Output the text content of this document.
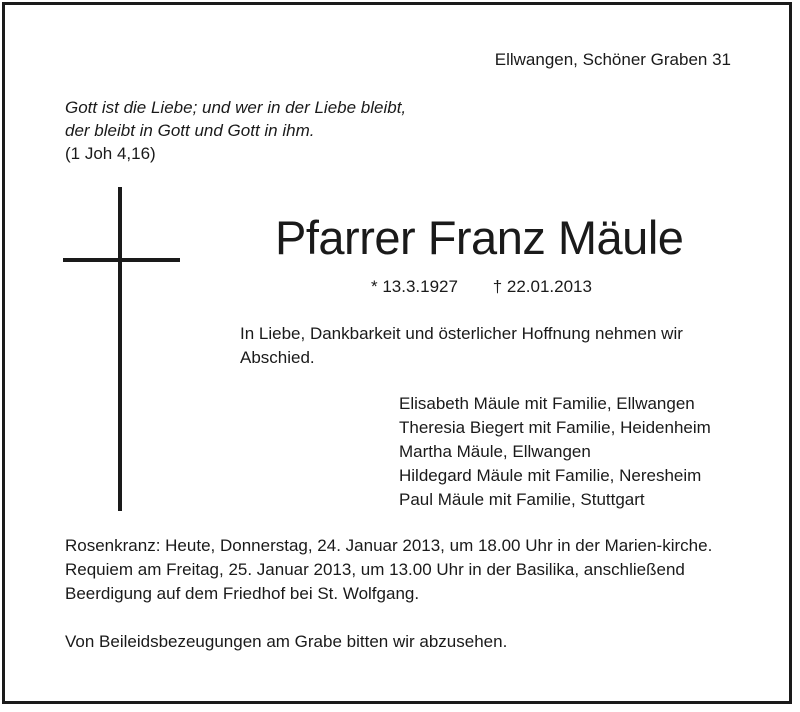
Ellwangen, Schöner Graben 31
Gott ist die Liebe; und wer in der Liebe bleibt,
der bleibt in Gott und Gott in ihm.
(1 Joh 4,16)
Pfarrer Franz Mäule
* 13.3.1927 † 22.01.2013
In Liebe, Dankbarkeit und österlicher Hoffnung nehmen wir Abschied.
Elisabeth Mäule mit Familie, Ellwangen
Theresia Biegert mit Familie, Heidenheim
Martha Mäule, Ellwangen
Hildegard Mäule mit Familie, Neresheim
Paul Mäule mit Familie, Stuttgart

Rosenkranz: Heute, Donnerstag, 24. Januar 2013, um 18.00 Uhr in der Marien-kirche.

Requiem am Freitag, 25. Januar 2013, um 13.00 Uhr in der Basilika, anschließend Beerdigung auf dem Friedhof bei St. Wolfgang.

Von Beileidsbezeugungen am Grabe bitten wir abzusehen.
